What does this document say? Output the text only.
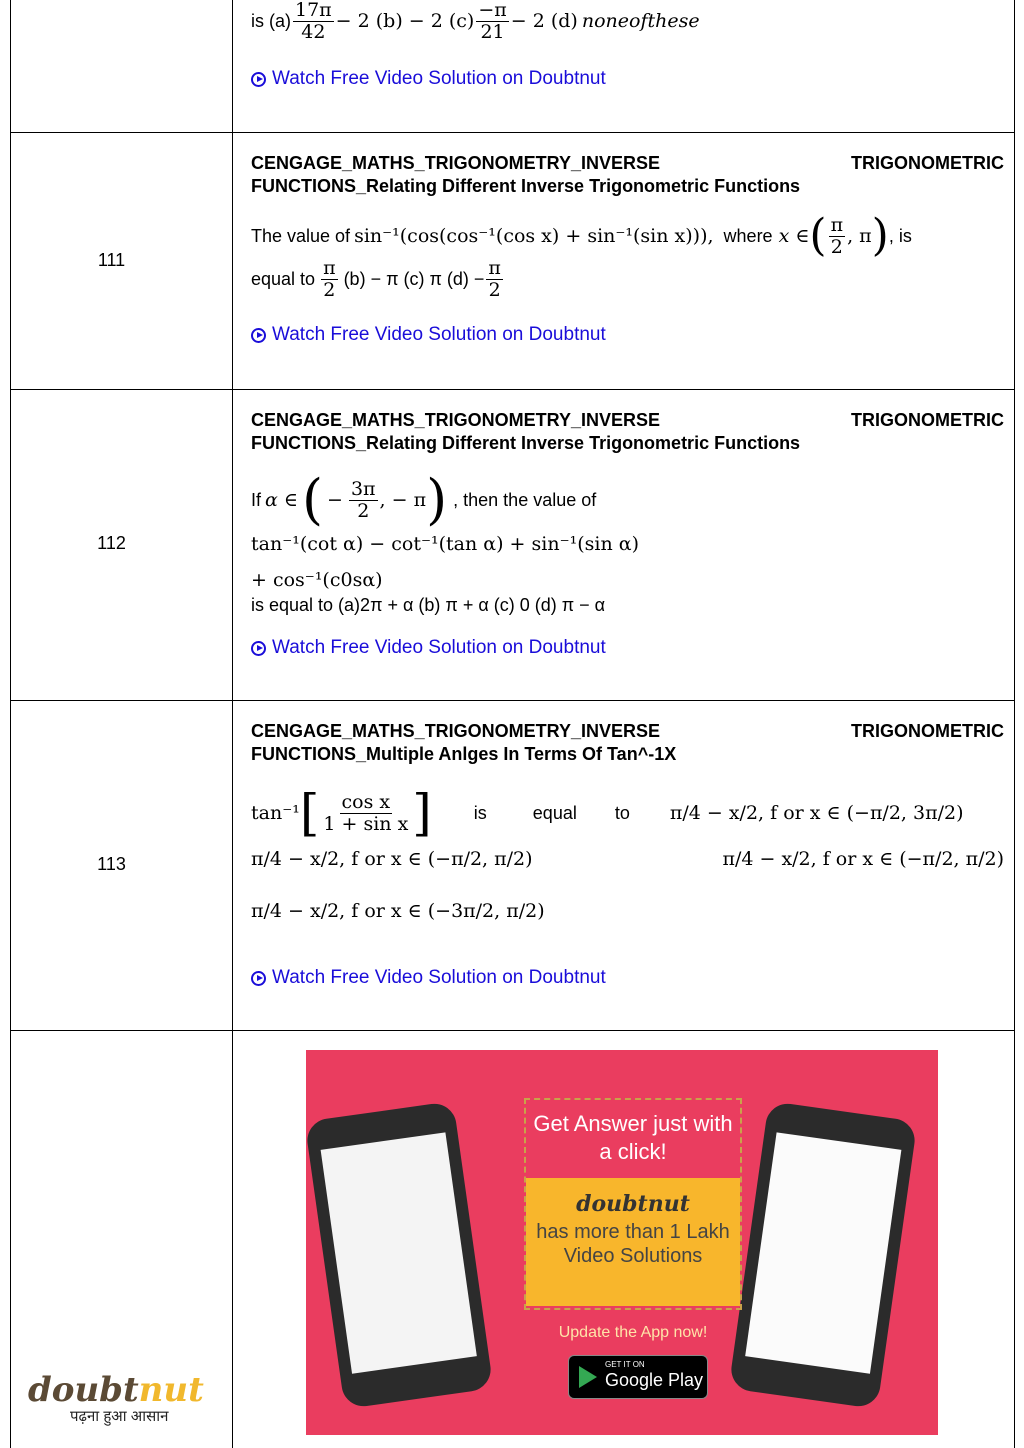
is $(a) \frac{17\pi}{42} - 2$ (b) − 2 $(c) \frac{-\pi}{21} - 2$ (d) noneofthese
Watch Free Video Solution on Doubtnut
111
CENGAGE_MATHS_TRIGONOMETRY_INVERSE	TRIGONOMETRIC
FUNCTIONS_Relating Different Inverse Trigonometric Functions
The value of sin⁻¹(cos(cos⁻¹(cos x) + sin⁻¹(sin x))), where x ∈ ( $\frac{\pi}{2}$ , π ) , is
equal to $\frac{\pi}{2} (b) - \pi$ (c) π $(d) - \frac{\pi}{2}$
Watch Free Video Solution on Doubtnut
112
CENGAGE_MATHS_TRIGONOMETRY_INVERSE	TRIGONOMETRIC
FUNCTIONS_Relating Different Inverse Trigonometric Functions
If α ∈ ( − $\frac{3\pi}{2}$ , − π ) , then the value of
tan⁻¹(cot α) − cot⁻¹(tan α) + sin⁻¹(sin α)
+ cos⁻¹(c0sα)
is equal to (a)2π + α (b) π + α (c) 0 (d) π − α
Watch Free Video Solution on Doubtnut
113
CENGAGE_MATHS_TRIGONOMETRY_INVERSE	TRIGONOMETRIC
FUNCTIONS_Multiple Anlges In Terms Of Tan^-1X
tan⁻¹ [ $\frac{\text{cos x}}{\text{1 + sin x}}$ ] is	equal to π/4 − x/2, f or x ∈ (−π/2, 3π/2)
π/4 − x/2, f or x ∈ (−π/2, π/2)	π/4 − x/2, f or x ∈ (−π/2, π/2)
π/4 − x/2, f or x ∈ (−3π/2, π/2)
Watch Free Video Solution on Doubtnut
Get Answer just with a click!
doubtnut
has more than 1 Lakh Video Solutions
Update the App now!
GET IT ON
Google Play
doubtnut
पढ़ना हुआ आसान
